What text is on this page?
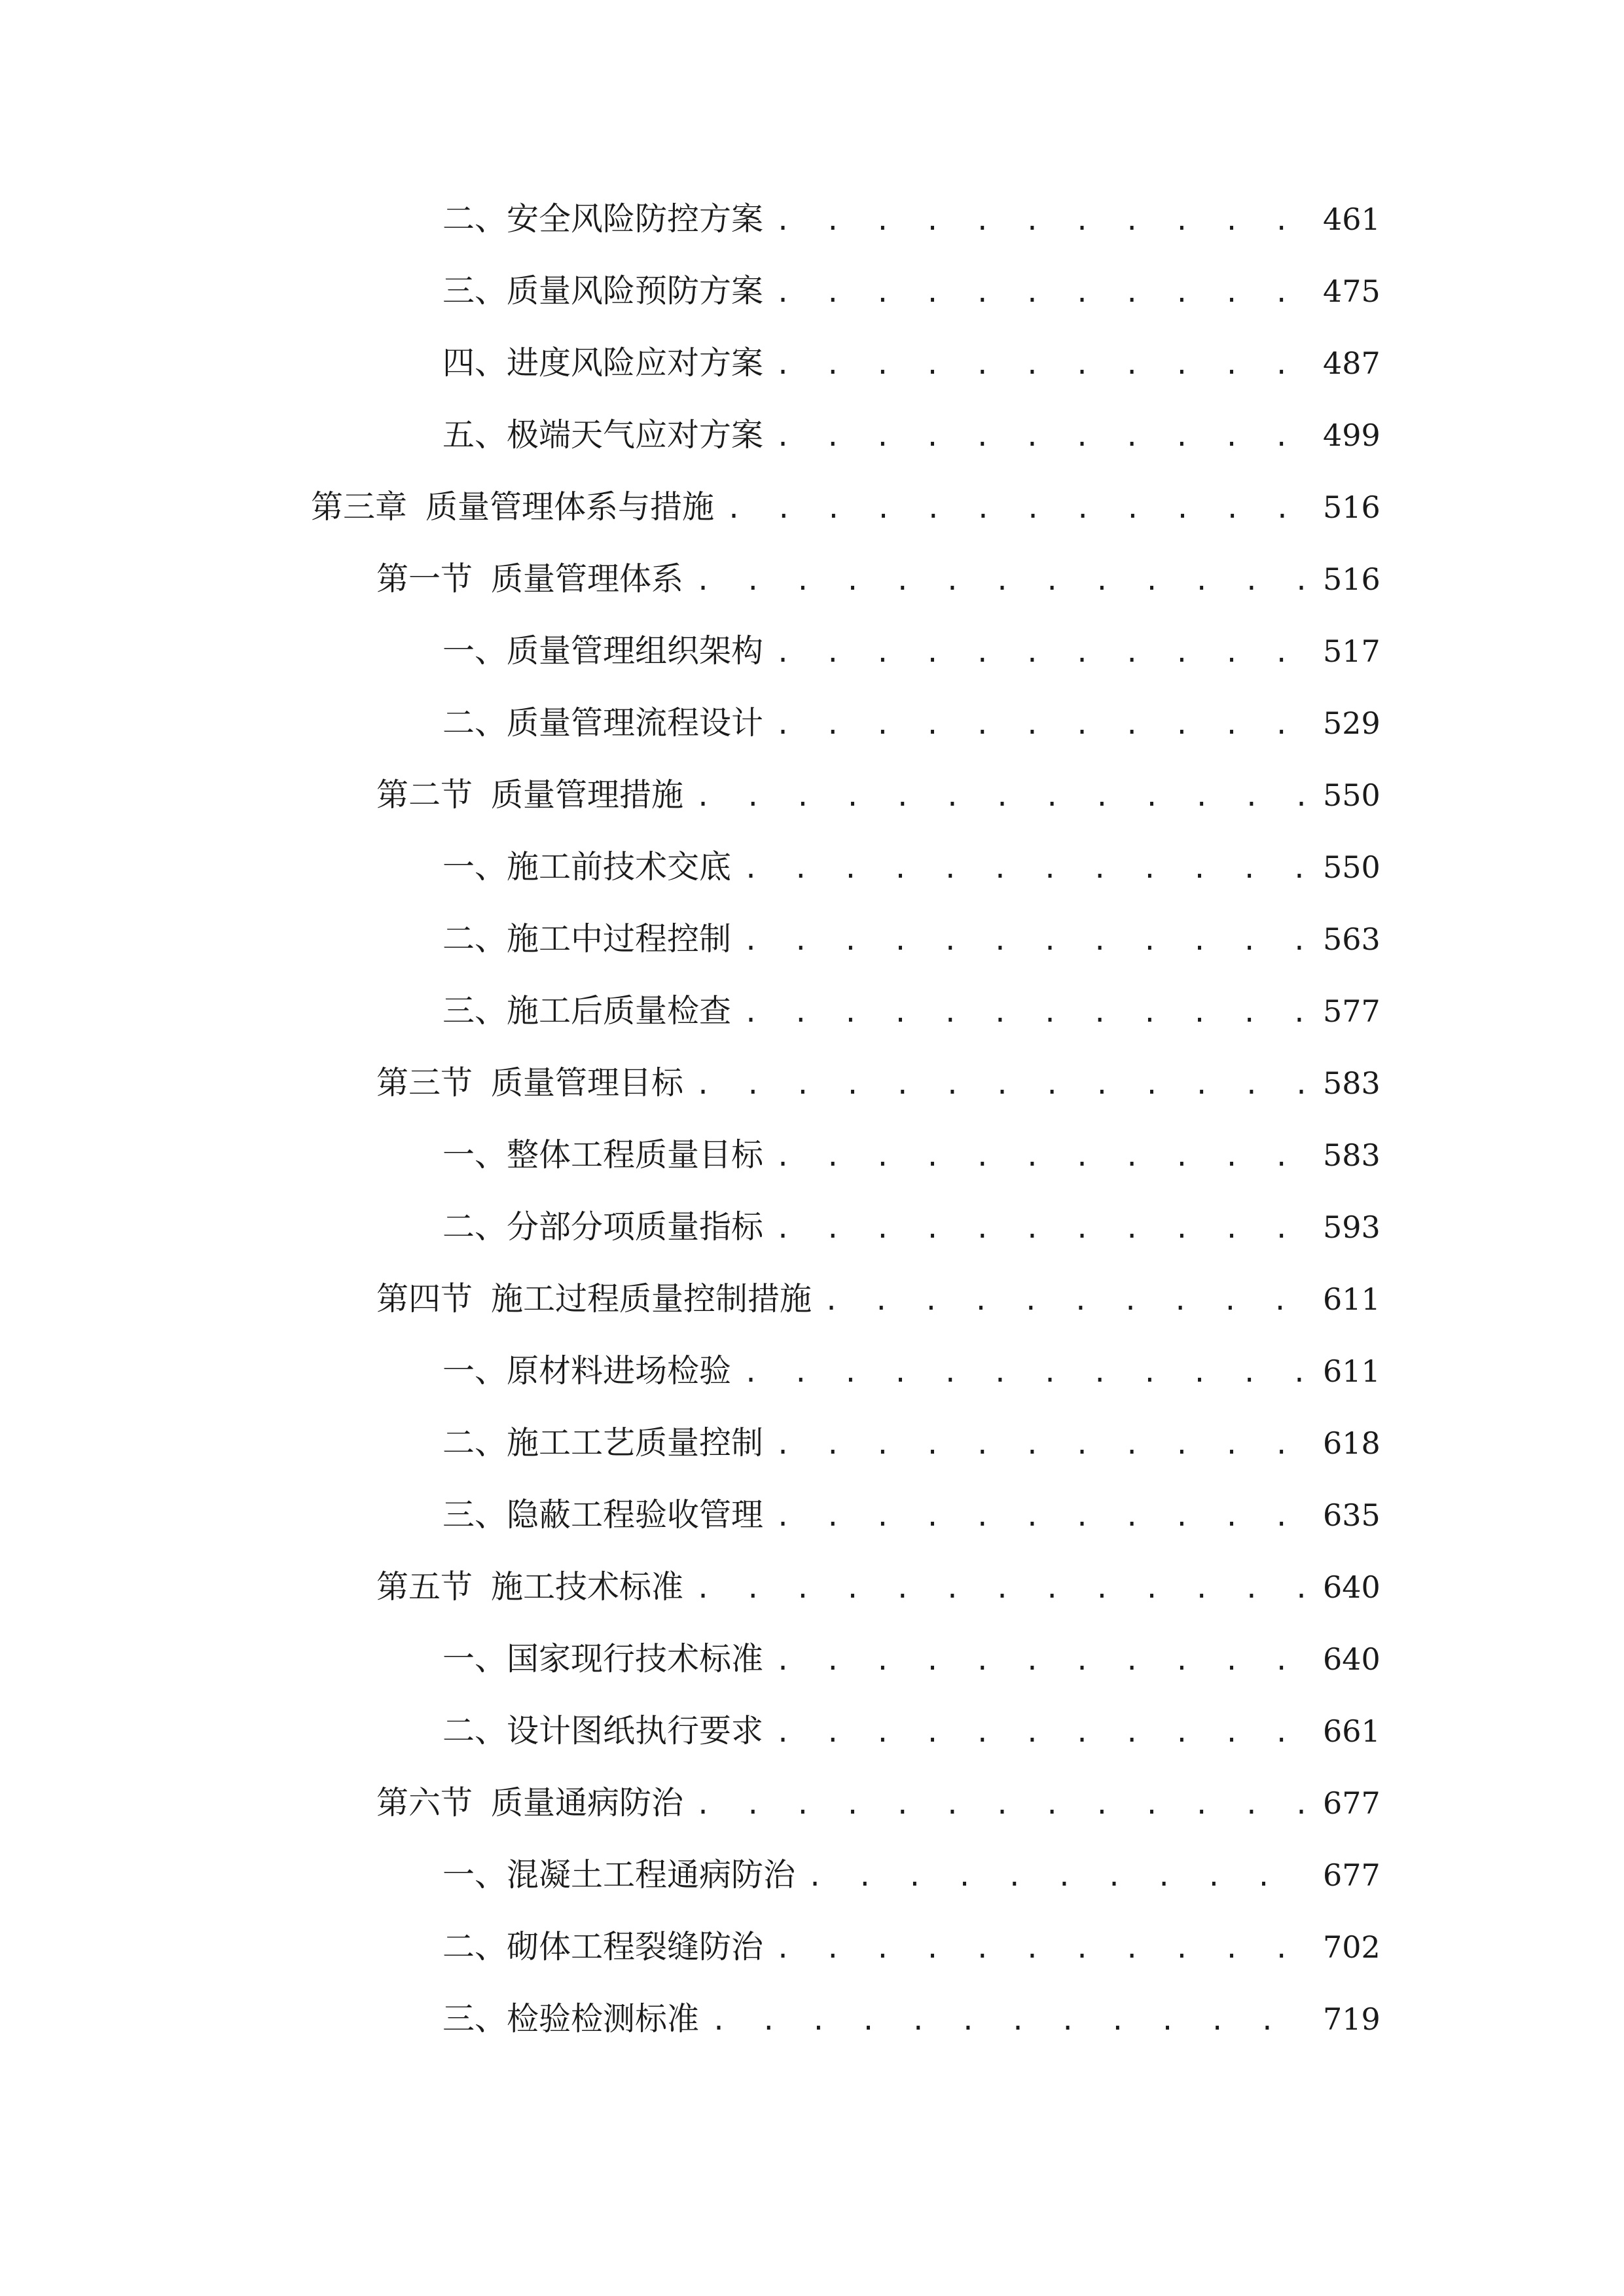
二、 安全风险防控方案 . . .	461
三、 质量风险预防方案 . . .	475
四、 进度风险应对方案 . . .	487
五、 极端天气应对方案 . . .	499
第三章 质量管理体系与措施 . . .	516
第一节 质量管理体系 . . .	516
一、 质量管理组织架构 . . .	517
二、 质量管理流程设计 . . .	529
第二节 质量管理措施 . . .	550
一、 施工前技术交底 . . .	550
二、 施工中过程控制 . . .	563
三、 施工后质量检查 . . .	577
第三节 质量管理目标 . . .	583
一、 整体工程质量目标 . . .	583
二、 分部分项质量指标 . . .	593
第四节 施工过程质量控制措施 . . .	611
一、 原材料进场检验 . . .	611
二、 施工工艺质量控制 . . .	618
三、 隐蔽工程验收管理 . . .	635
第五节 施工技术标准 . . .	640
一、 国家现行技术标准 . . .	640
二、 设计图纸执行要求 . . .	661
第六节 质量通病防治 . . .	677
一、 混凝土工程通病防治 . . .	677
二、 砌体工程裂缝防治 . . .	702
三、 检验检测标准 . . .	719
